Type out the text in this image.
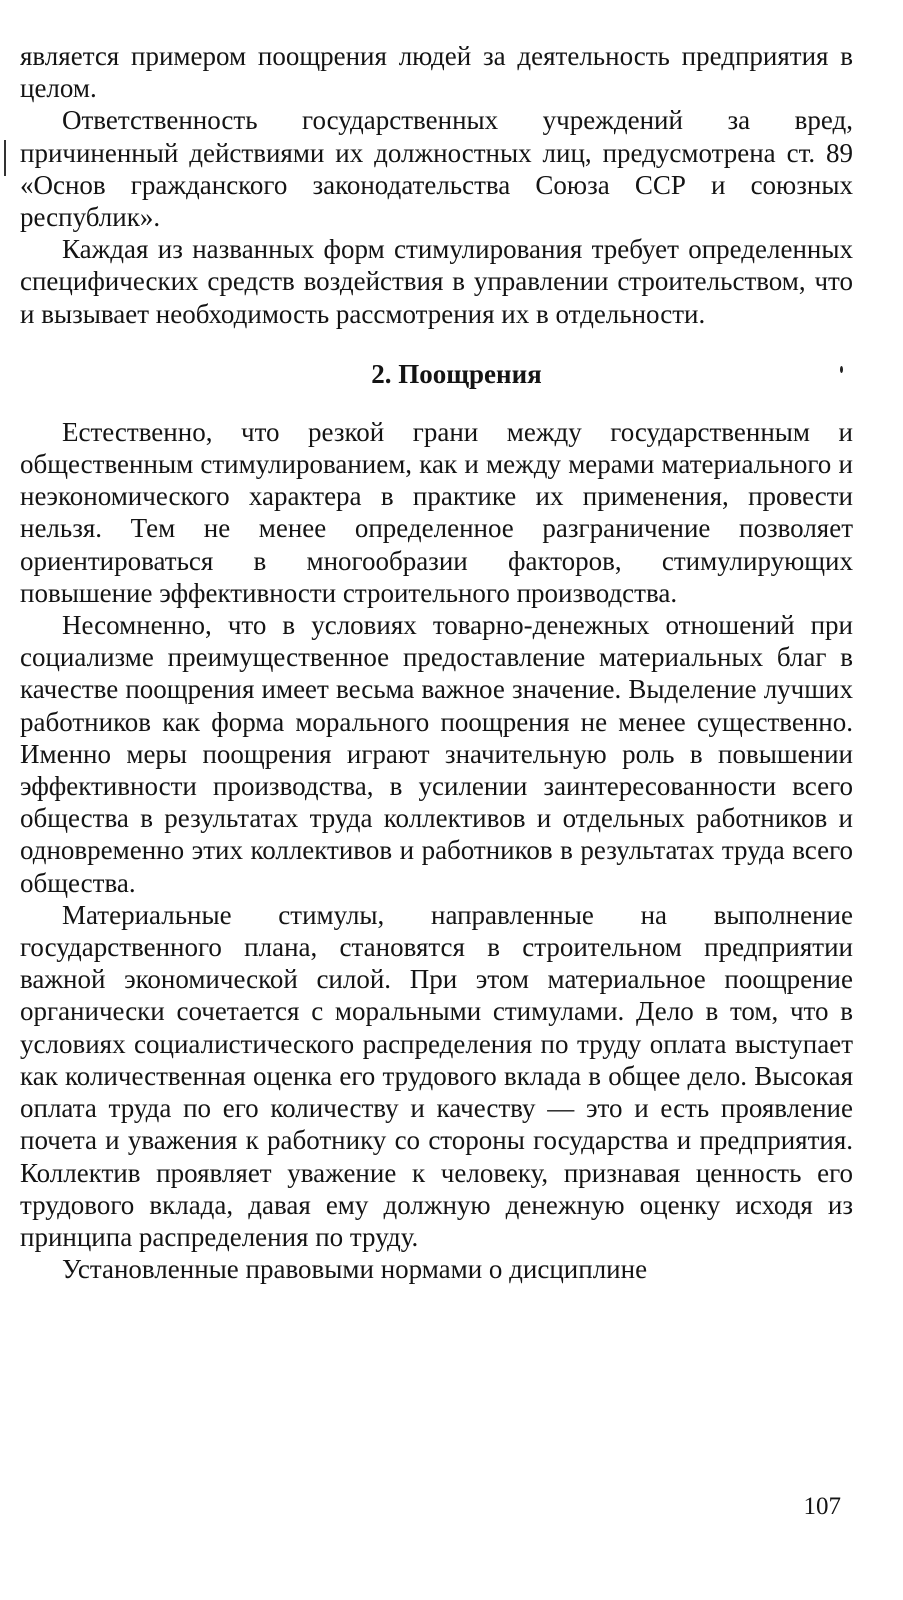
является примером поощрения людей за деятельность предприятия в целом.

Ответственность государственных учреждений за вред, причиненный действиями их должностных лиц, предусмотрена ст. 89 «Основ гражданского законодательства Союза ССР и союзных республик».

Каждая из названных форм стимулирования требует определенных специфических средств воздействия в управлении строительством, что и вызывает необходимость рассмотрения их в отдельности.

2. Поощрения

Естественно, что резкой грани между государственным и общественным стимулированием, как и между мерами материального и неэкономического характера в практике их применения, провести нельзя. Тем не менее определенное разграничение позволяет ориентироваться в многообразии факторов, стимулирующих повышение эффективности строительного производства.

Несомненно, что в условиях товарно-денежных отношений при социализме преимущественное предоставление материальных благ в качестве поощрения имеет весьма важное значение. Выделение лучших работников как форма морального поощрения не менее существенно. Именно меры поощрения играют значительную роль в повышении эффективности производства, в усилении заинтересованности всего общества в результатах труда коллективов и отдельных работников и одновременно этих коллективов и работников в результатах труда всего общества.

Материальные стимулы, направленные на выполнение государственного плана, становятся в строительном предприятии важной экономической силой. При этом материальное поощрение органически сочетается с моральными стимулами. Дело в том, что в условиях социалистического распределения по труду оплата выступает как количественная оценка его трудового вклада в общее дело. Высокая оплата труда по его количеству и качеству — это и есть проявление почета и уважения к работнику со стороны государства и предприятия. Коллектив проявляет уважение к человеку, признавая ценность его трудового вклада, давая ему должную денежную оценку исходя из принципа распределения по труду.

Установленные правовыми нормами о дисциплине

107
